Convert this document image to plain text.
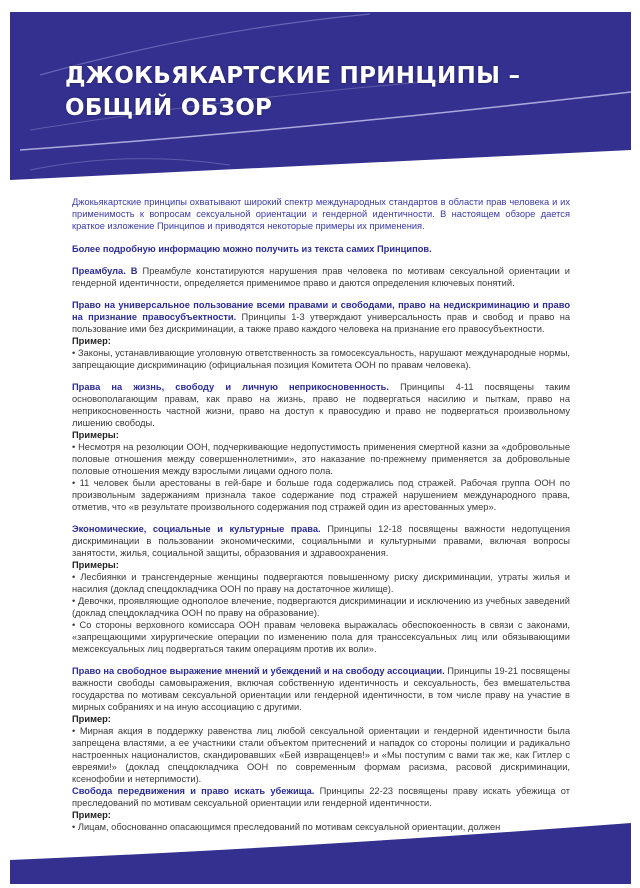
ДЖОКЬЯКАРТСКИЕ ПРИНЦИПЫ –
ОБЩИЙ ОБЗОР

Джокьякартские принципы охватывают широкий спектр международных стандартов в области прав человека и их применимость к вопросам сексуальной ориентации и гендерной идентичности. В настоящем обзоре дается краткое изложение Принципов и приводятся некоторые примеры их применения.

Более подробную информацию можно получить из текста самих Принципов.

Преамбула. В Преамбуле констатируются нарушения прав человека по мотивам сексуальной ориентации и гендерной идентичности, определяется применимое право и даются определения ключевых понятий.

Право на универсальное пользование всеми правами и свободами, право на недискриминацию и право на признание правосубъектности. Принципы 1-3 утверждают универсальность прав и свобод и право на пользование ими без дискриминации, а также право каждого человека на признание его правосубъектности.

Пример:

• Законы, устанавливающие уголовную ответственность за гомосексуальность, нарушают международные нормы, запрещающие дискриминацию (официальная позиция Комитета ООН по правам человека).

Права на жизнь, свободу и личную неприкосновенность. Принципы 4-11 посвящены таким основополагающим правам, как право на жизнь, право не подвергаться насилию и пыткам, право на неприкосновенность частной жизни, право на доступ к правосудию и право не подвергаться произвольному лишению свободы.

Примеры:

• Несмотря на резолюции ООН, подчеркивающие недопустимость применения смертной казни за «добровольные половые отношения между совершеннолетними», это наказание по-прежнему применяется за добровольные половые отношения между взрослыми лицами одного пола.

• 11 человек были арестованы в гей-баре и больше года содержались под стражей. Рабочая группа ООН по произвольным задержаниям признала такое содержание под стражей нарушением международного права, отметив, что «в результате произвольного содержания под стражей один из арестованных умер».

Экономические, социальные и культурные права. Принципы 12-18 посвящены важности недопущения дискриминации в пользовании экономическими, социальными и культурными правами, включая вопросы занятости, жилья, социальной защиты, образования и здравоохранения.

Примеры:

• Лесбиянки и трансгендерные женщины подвергаются повышенному риску дискриминации, утраты жилья и насилия (доклад спецдокладчика ООН по праву на достаточное жилище).

• Девочки, проявляющие однополое влечение, подвергаются дискриминации и исключению из учебных заведений (доклад спецдокладчика ООН по праву на образование).

• Со стороны верховного комиссара ООН правам человека выражалась обеспокоенность в связи с законами, «запрещающими хирургические операции по изменению пола для транссексуальных лиц или обязывающими межсексуальных лиц подвергаться таким операциям против их воли».

Право на свободное выражение мнений и убеждений и на свободу ассоциации. Принципы 19-21 посвящены важности свободы самовыражения, включая собственную идентичность и сексуальность, без вмешательства государства по мотивам сексуальной ориентации или гендерной идентичности, в том числе праву на участие в мирных собраниях и на иную ассоциацию с другими.

Пример:

• Мирная акция в поддержку равенства лиц любой сексуальной ориентации и гендерной идентичности была запрещена властями, а ее участники стали объектом притеснений и нападок со стороны полиции и радикально настроенных националистов, скандировавших «Бей извращенцев!» и «Мы поступим с вами так же, как Гитлер с евреями!» (доклад спецдокладчика ООН по современным формам расизма, расовой дискриминации, ксенофобии и нетерпимости).

Свобода передвижения и право искать убежища. Принципы 22-23 посвящены праву искать убежища от преследований по мотивам сексуальной ориентации или гендерной идентичности.

Пример:

• Лицам, обоснованно опасающимся преследований по мотивам сексуальной ориентации, должен
